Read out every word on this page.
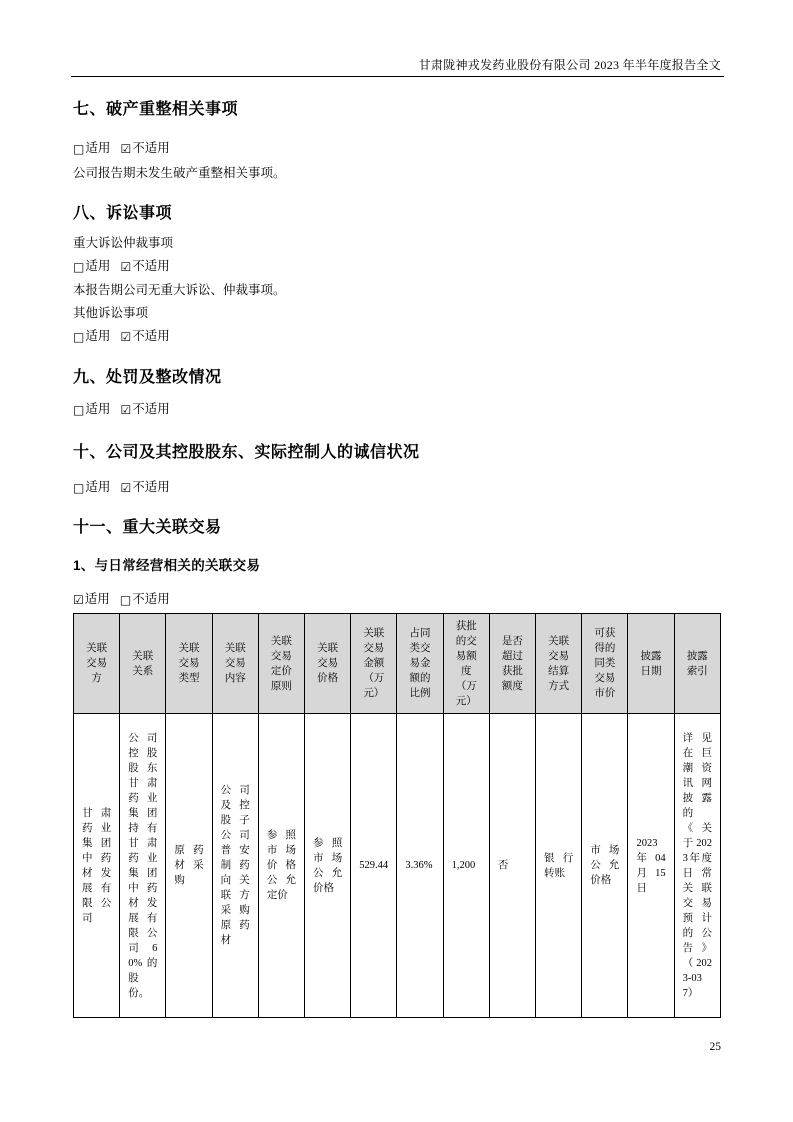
甘肃陇神戎发药业股份有限公司 2023 年半年度报告全文
七、破产重整相关事项
□适用 ☑不适用
公司报告期未发生破产重整相关事项。
八、诉讼事项
重大诉讼仲裁事项
□适用 ☑不适用
本报告期公司无重大诉讼、仲裁事项。
其他诉讼事项
□适用 ☑不适用
九、处罚及整改情况
□适用 ☑不适用
十、公司及其控股股东、实际控制人的诚信状况
□适用 ☑不适用
十一、重大关联交易
1、与日常经营相关的关联交易
☑适用 □不适用
关联交易方	关联关系	关联交易类型	关联交易内容	关联交易定价原则	关联交易价格	关联交易金额（万元）	占同类交易金额的比例	获批的交易额度（万元）	是否超过获批额度	关联交易结算方式	可获得的同类交易市价	披露日期	披露索引
甘肃药业集团中药材发展有限公司	公司控股股东甘肃药业集团持有甘肃药业集团中药材发展有限公司60%的股份。	原药材采购	公司及控股子公司普安制药向关联方采购原药材	参照市场价格公允定价	参照市场公允价格	529.44	3.36%	1,200	否	银行转账	市场公允价格	2023年04月15日	详见在巨潮资讯网披露的《关于2023年度日常关联交易预计的公告》（2023-037）
25
